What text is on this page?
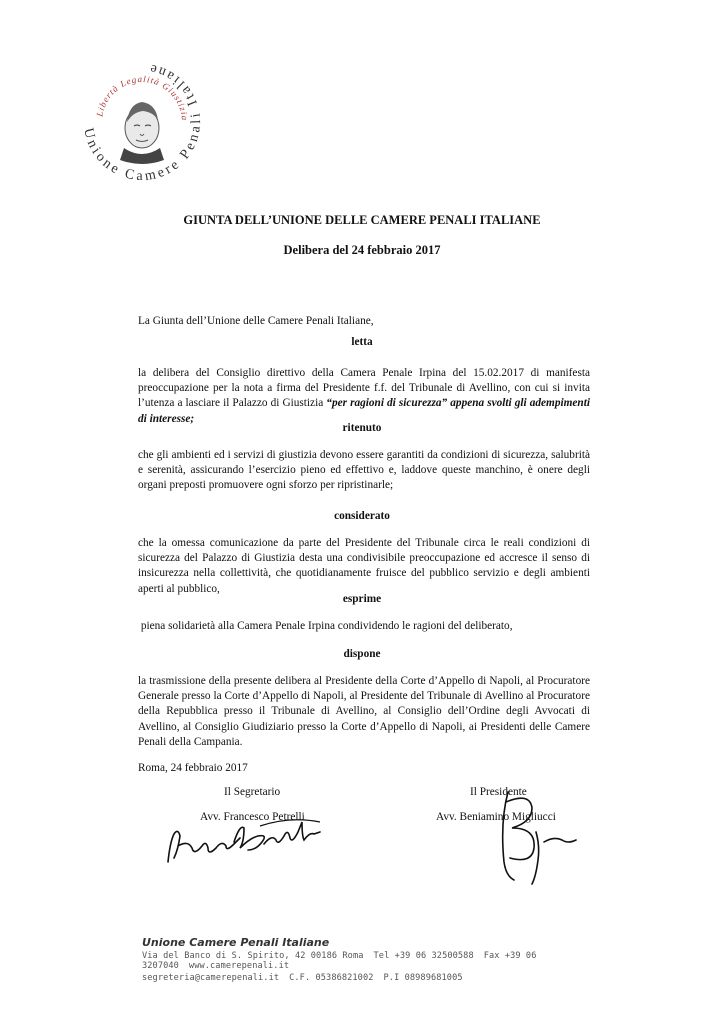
Unione Camere Penali Italiane
Libertà Legalità Giustizia
GIUNTA DELL’UNIONE DELLE CAMERE PENALI ITALIANE
Delibera del 24 febbraio 2017
La Giunta dell’Unione delle Camere Penali Italiane,
letta
la delibera del Consiglio direttivo della Camera Penale Irpina del 15.02.2017 di manifesta preoccupazione per la nota a firma del Presidente f.f. del Tribunale di Avellino, con cui si invita l’utenza a lasciare il Palazzo di Giustizia “per ragioni di sicurezza” appena svolti gli adempimenti di interesse;
ritenuto
che gli ambienti ed i servizi di giustizia devono essere garantiti da condizioni di sicurezza, salubrità e serenità, assicurando l’esercizio pieno ed effettivo e, laddove queste manchino, è onere degli organi preposti promuovere ogni sforzo per ripristinarle;
considerato
che la omessa comunicazione da parte del Presidente del Tribunale circa le reali condizioni di sicurezza del Palazzo di Giustizia desta una condivisibile preoccupazione ed accresce il senso di insicurezza nella collettività, che quotidianamente fruisce del pubblico servizio e degli ambienti aperti al pubblico,
esprime
piena solidarietà alla Camera Penale Irpina condividendo le ragioni del deliberato,
dispone
la trasmissione della presente delibera al Presidente della Corte d’Appello di Napoli, al Procuratore Generale presso la Corte d’Appello di Napoli, al Presidente del Tribunale di Avellino al Procuratore della Repubblica presso il Tribunale di Avellino, al Consiglio dell’Ordine degli Avvocati di Avellino, al Consiglio Giudiziario presso la Corte d’Appello di Napoli, ai Presidenti delle Camere Penali della Campania.
Roma, 24 febbraio 2017
Il Segretario
Avv. Francesco Petrelli
Il Presidente
Avv. Beniamino Migliucci
Unione Camere Penali Italiane
Via del Banco di S. Spirito, 42 00186 Roma Tel +39 06 32500588 Fax +39 06 3207040 www.camerepenali.it
segreteria@camerepenali.it C.F. 05386821002 P.I 08989681005
